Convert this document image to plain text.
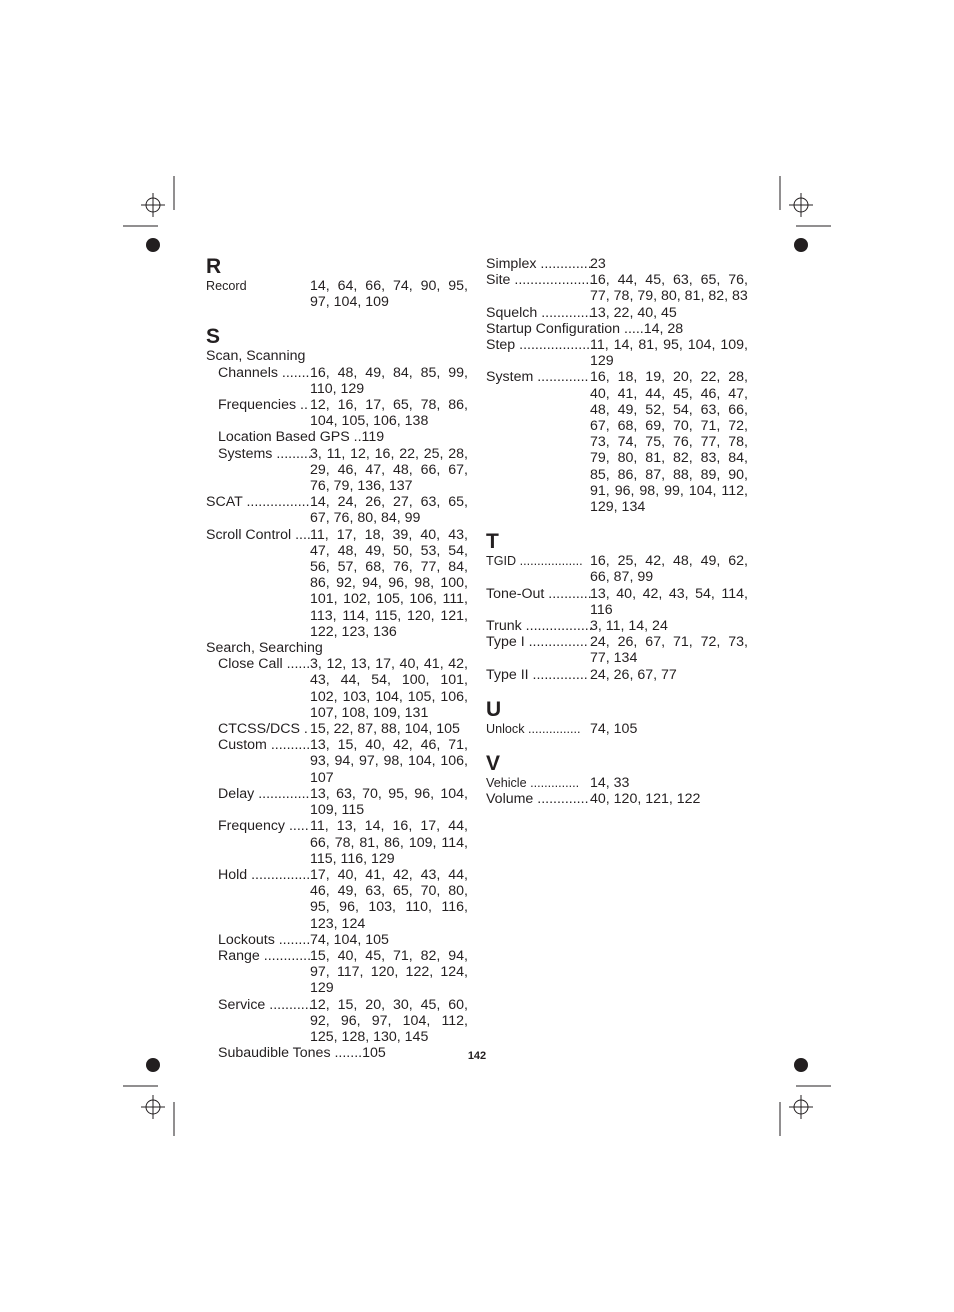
R
Record	14, 64, 66, 74, 90, 95, 97, 104, 109
S
Scan, Scanning
Channels ....... 16, 48, 49, 84, 85, 99, 110, 129
Frequencies .. 12, 16, 17, 65, 78, 86, 104, 105, 106, 138
Location Based GPS ..119
Systems .........
3, 11, 12, 16, 22, 25, 28, 29, 46, 47, 48, 66, 67, 76, 79, 136, 137
SCAT ................ 14, 24, 26, 27, 63, 65, 67, 76, 80, 84, 99
Scroll Control .... 11, 17, 18, 39, 40, 43, 47, 48, 49, 50, 53, 54, 56, 57, 68, 76, 77, 84, 86, 92, 94, 96, 98, 100, 101, 102, 105, 106, 111, 113, 114, 115, 120, 121, 122, 123, 136
Search, Searching
Close Call ...... 3, 12, 13, 17, 40, 41, 42, 43, 44, 54, 100, 101, 102, 103, 104, 105, 106, 107, 108, 109, 131
CTCSS/DCS . 15, 22, 87, 88, 104, 105
Custom .......... 13, 15, 40, 42, 46, 71, 93, 94, 97, 98, 104, 106, 107
Delay ............. 13, 63, 70, 95, 96, 104, 109, 115
Frequency ..... 11, 13, 14, 16, 17, 44, 66, 78, 81, 86, 109, 114, 115, 116, 129
Hold ............... 17, 40, 41, 42, 43, 44, 46, 49, 63, 65, 70, 80, 95, 96, 103, 110, 116, 123, 124
Lockouts ........ 74, 104, 105
Range ............
15, 40, 45, 71, 82, 94, 97, 117, 120, 122, 124, 129
Service ...........
12, 15, 20, 30, 45, 60, 92, 96, 97, 104, 112, 125, 128, 130, 145
Subaudible Tones .......105
Simplex .............
23
Site ....................
16, 44, 45, 63, 65, 76, 77, 78, 79, 80, 81, 82, 83
Squelch .............
13, 22, 40, 45
Startup Configuration .....14, 28
Step ...................
11, 14, 81, 95, 104, 109, 129
System ............. 16, 18, 19, 20, 22, 28, 40, 41, 44, 45, 46, 47, 48, 49, 52, 54, 63, 66, 67, 68, 69, 70, 71, 72, 73, 74, 75, 76, 77, 78, 79, 80, 81, 82, 83, 84, 85, 86, 87, 88, 89, 90, 91, 96, 98, 99, 104, 112, 129, 134
T
TGID .................. 16, 25, 42, 48, 49, 62, 66, 87, 99
Tone-Out ...........
13, 40, 42, 43, 54, 114, 116
Trunk .................
3, 11, 14, 24
Type I ............... 24, 26, 67, 71, 72, 73, 77, 134
Type II .............. 24, 26, 67, 77
U
Unlock ............... 74, 105
V
Vehicle .............. 14, 33
Volume ............. 40, 120, 121, 122
142
